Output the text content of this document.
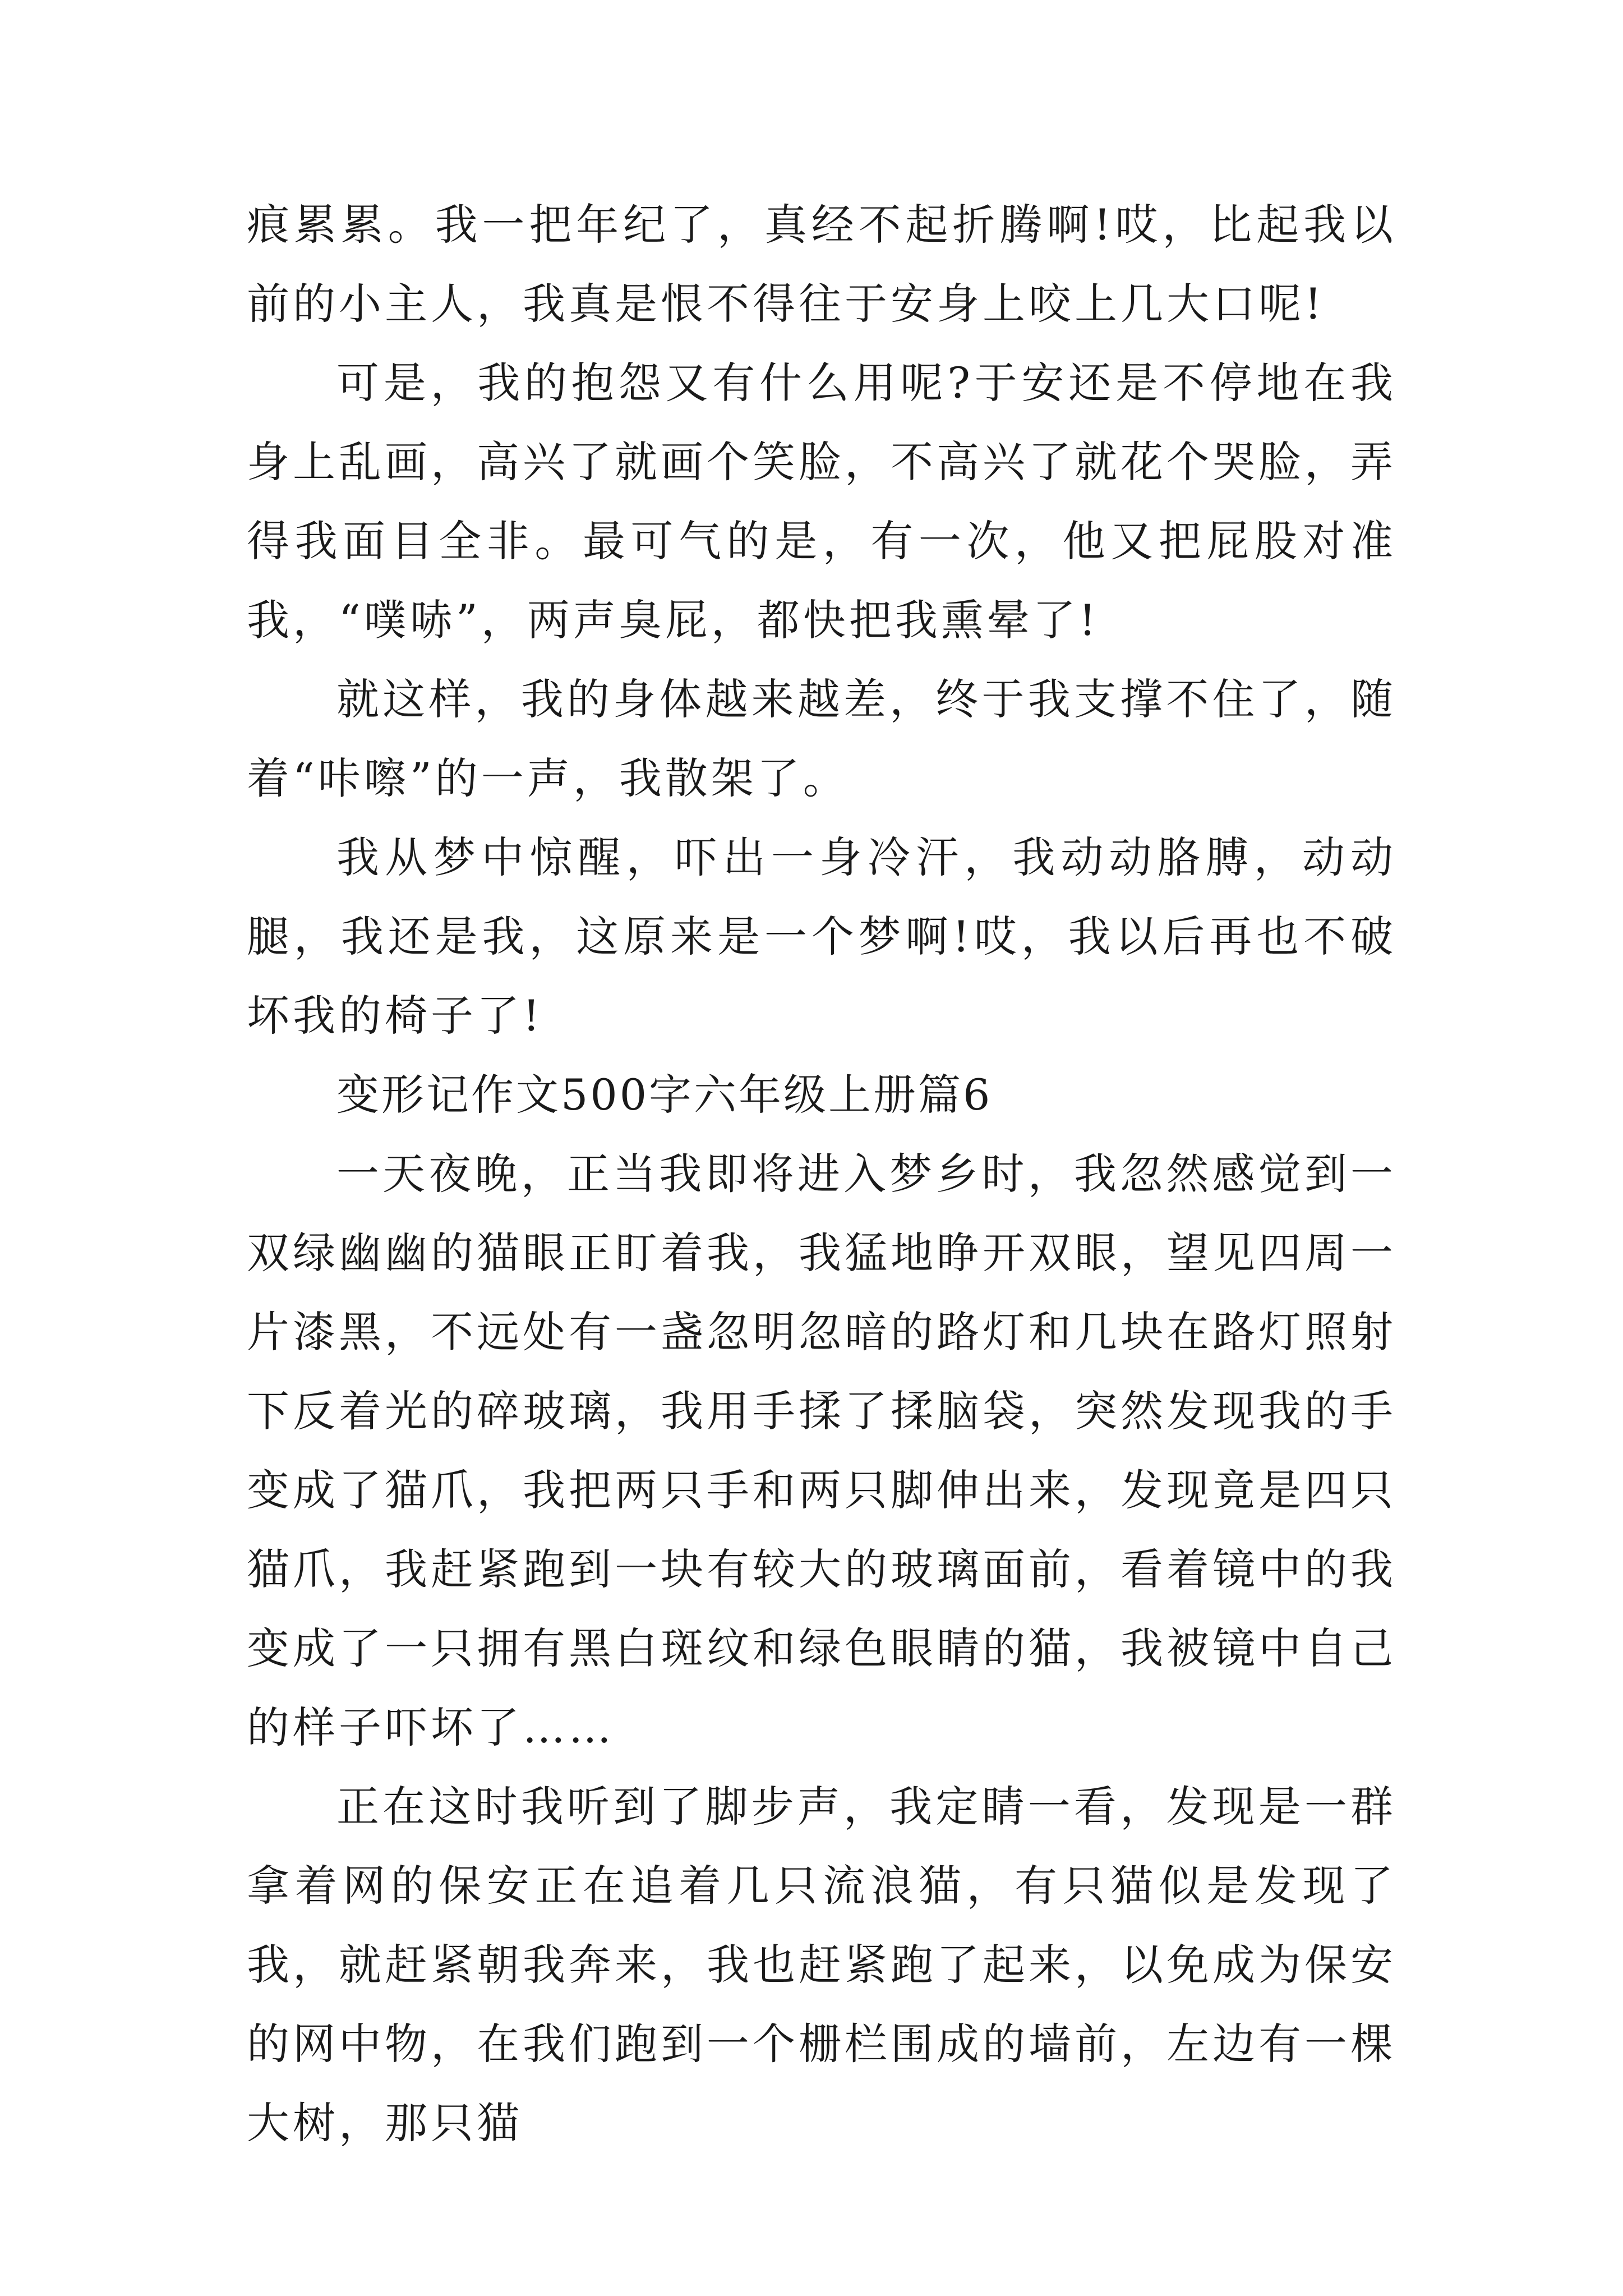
痕累累。我一把年纪了，真经不起折腾啊!哎，比起我以前的小主人，我真是恨不得往于安身上咬上几大口呢!

可是，我的抱怨又有什么用呢?于安还是不停地在我身上乱画，高兴了就画个笑脸，不高兴了就花个哭脸，弄得我面目全非。最可气的是，有一次，他又把屁股对准我，“噗哧”，两声臭屁，都快把我熏晕了!

就这样，我的身体越来越差，终于我支撑不住了，随着“咔嚓”的一声，我散架了。

我从梦中惊醒，吓出一身冷汗，我动动胳膊，动动腿，我还是我，这原来是一个梦啊!哎，我以后再也不破坏我的椅子了!

变形记作文500字六年级上册篇6

一天夜晚，正当我即将进入梦乡时，我忽然感觉到一双绿幽幽的猫眼正盯着我，我猛地睁开双眼，望见四周一片漆黑，不远处有一盏忽明忽暗的路灯和几块在路灯照射下反着光的碎玻璃，我用手揉了揉脑袋，突然发现我的手变成了猫爪，我把两只手和两只脚伸出来，发现竟是四只猫爪，我赶紧跑到一块有较大的玻璃面前，看着镜中的我变成了一只拥有黑白斑纹和绿色眼睛的猫，我被镜中自己的样子吓坏了……

正在这时我听到了脚步声，我定睛一看，发现是一群拿着网的保安正在追着几只流浪猫，有只猫似是发现了我，就赶紧朝我奔来，我也赶紧跑了起来，以免成为保安的网中物，在我们跑到一个栅栏围成的墙前，左边有一棵大树，那只猫
